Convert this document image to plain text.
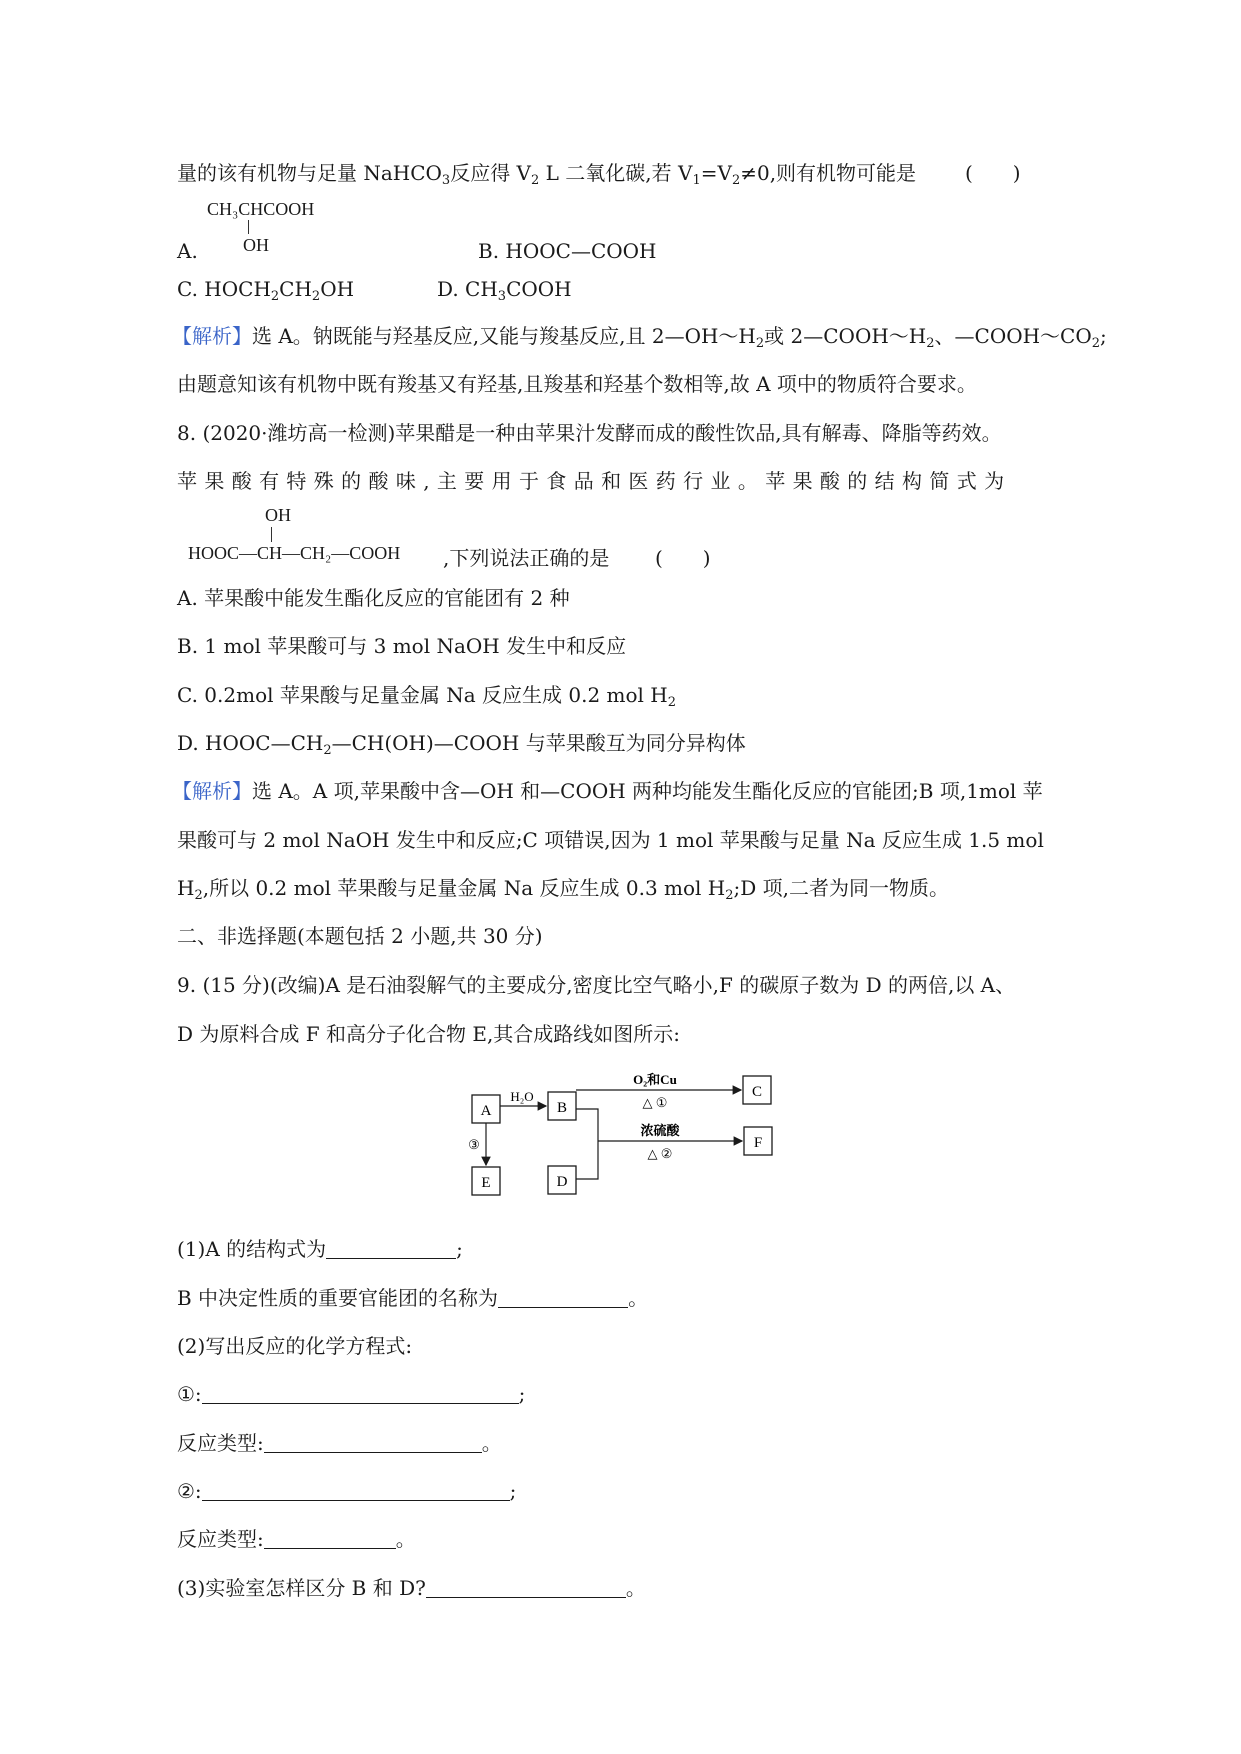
量的该有机物与足量 NaHCO$_3$反应得 $V_2$ L 二氧化碳,若 $V_1=V_2\ne 0$,则有机物可能是 (　　)
CH₃CHCOOH
OH
A.	B. HOOC—COOH
C. $HOCH_2CH_2OH$	D. $CH_3COOH$
【解析】选 A。钠既能与羟基反应,又能与羧基反应,且 $2—OH\sim H_2$或 $2—COOH\sim H_2$、$—COOH\sim CO_2$;
由题意知该有机物中既有羧基又有羟基,且羧基和羟基个数相等,故 A 项中的物质符合要求。
8. (2020·潍坊高一检测)苹果醋是一种由苹果汁发酵而成的酸性饮品,具有解毒、降脂等药效。
苹 果 酸 有 特 殊 的 酸 味 , 主 要 用 于 食 品 和 医 药 行 业 。 苹 果 酸 的 结 构 简 式 为
OH
HOOC—CH—CH₂—COOH ,下列说法正确的是 (　　)
A. 苹果酸中能发生酯化反应的官能团有 2 种
B. 1 mol 苹果酸可与 3 mol NaOH 发生中和反应
C. 0.2mol 苹果酸与足量金属 Na 反应生成 0.2 mol $H_2$
D. $HOOC—CH_2—CH(OH)—COOH$ 与苹果酸互为同分异构体
【解析】选 A。A 项,苹果酸中含—OH 和—COOH 两种均能发生酯化反应的官能团;B 项,1mol 苹
果酸可与 2 mol NaOH 发生中和反应;C 项错误,因为 1 mol 苹果酸与足量 Na 反应生成 1.5 mol
$H_2$,所以 0.2 mol 苹果酸与足量金属 Na 反应生成 0.3 mol $H_2;D$ 项,二者为同一物质。
二、非选择题(本题包括 2 小题,共 30 分)
9. (15 分)(改编)A 是石油裂解气的主要成分,密度比空气略小,F 的碳原子数为 D 的两倍,以 A、
D 为原料合成 F 和高分子化合物 E,其合成路线如图所示:
A	B
C
F
D
E
H₂O
O₂和Cu
△ ①
浓硫酸
△ ②
③
(1)A 的结构式为	;
B 中决定性质的重要官能团的名称为	。
(2)写出反应的化学方程式:
①:	;
反应类型:	。
②:	;
反应类型:	。
(3)实验室怎样区分 B 和 D?	。
